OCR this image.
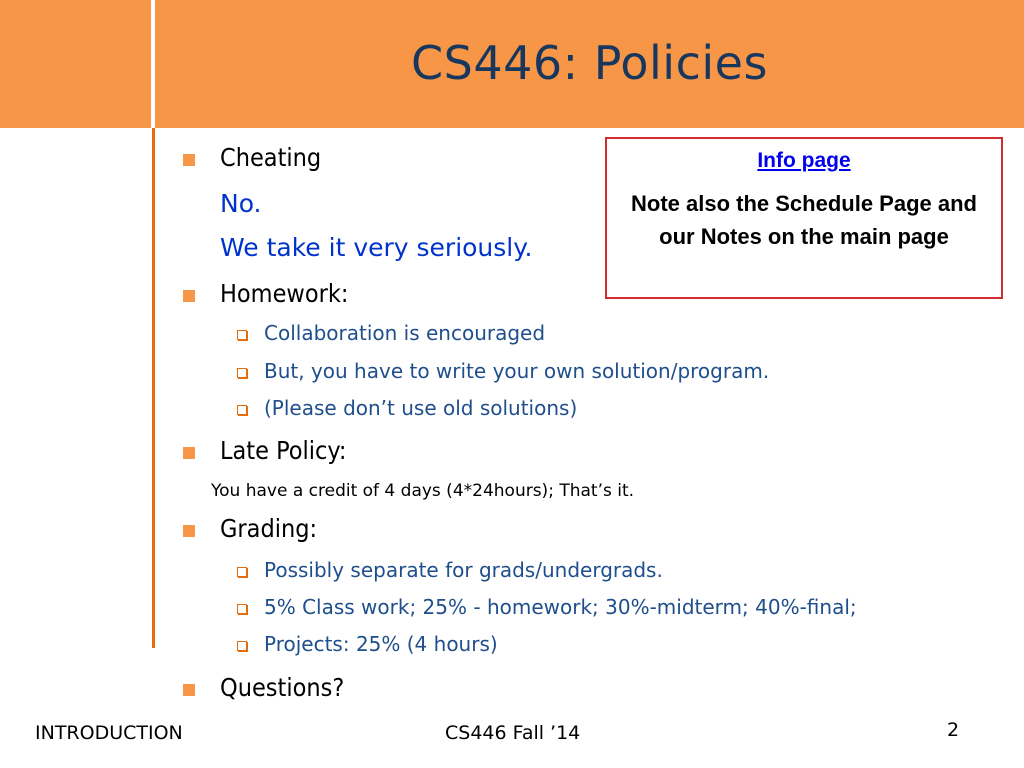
CS446: Policies
Cheating
No.
We take it very seriously.
Homework:
Collaboration is encouraged
But, you have to write your own solution/program.
(Please don’t use old solutions)
Late Policy:
You have a credit of 4 days (4*24hours); That’s it.
Grading:
Possibly separate for grads/undergrads.
5% Class work; 25% - homework; 30%-midterm; 40%-final;
Projects: 25% (4 hours)
Questions?
Info page
Note also the Schedule Page and our Notes on the main page
INTRODUCTION	CS446 Fall ’14	2
